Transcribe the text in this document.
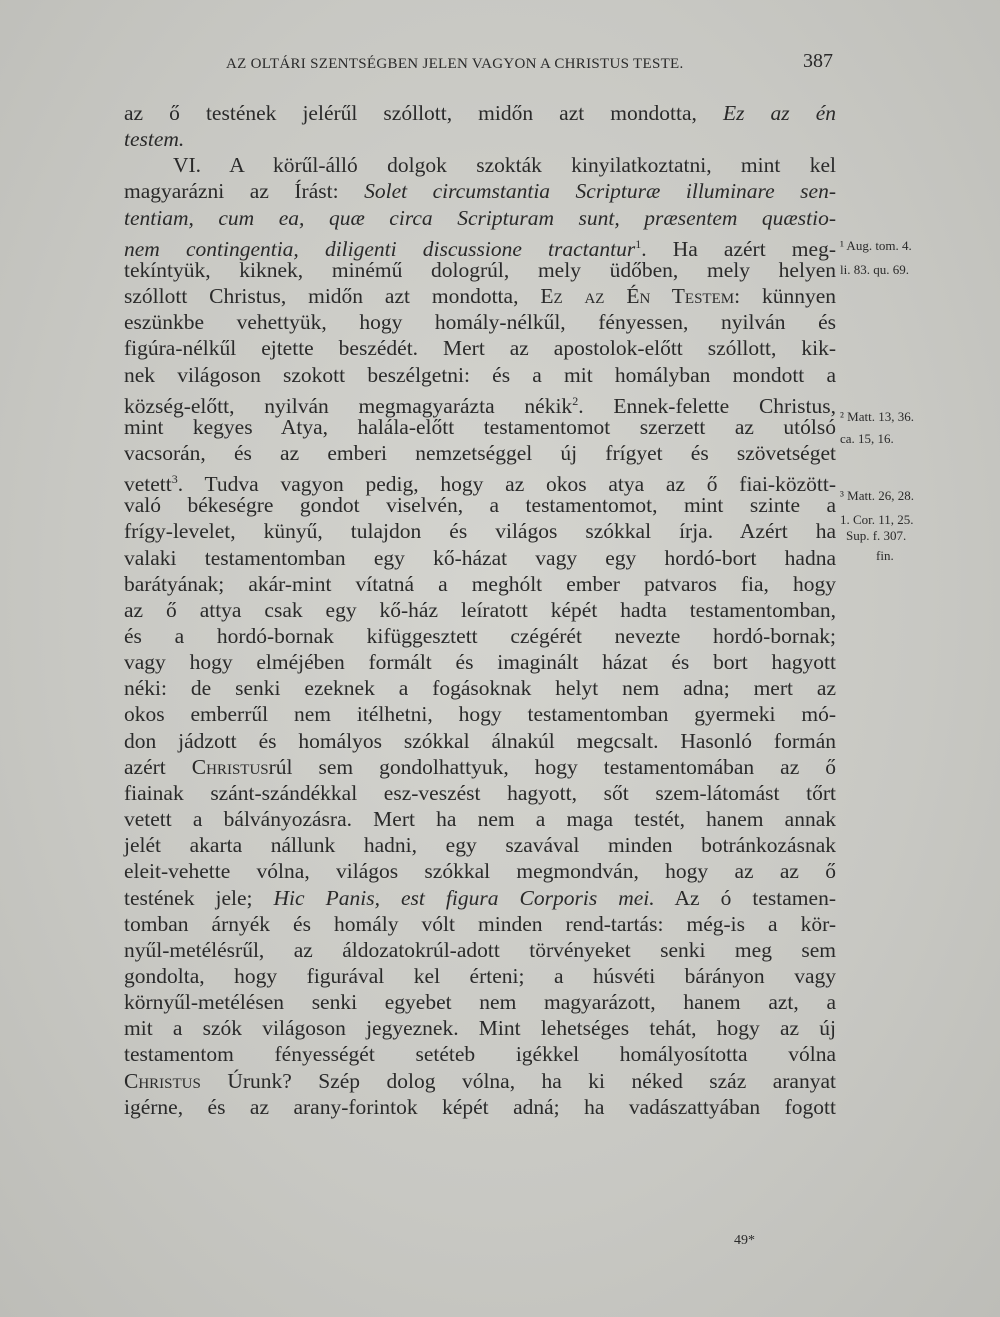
AZ OLTÁRI SZENTSÉGBEN JELEN VAGYON A CHRISTUS TESTE.	387
az ő testének jelérűl szóllott, midőn azt mondotta, Ez az én
testem.
VI. A körűl-álló dolgok szokták kinyilatkoztatni, mint kel
magyarázni az Írást: Solet circumstantia Scripturæ illuminare sen-
tentiam, cum ea, quæ circa Scripturam sunt, præsentem quæstio-
nem contingentia, diligenti discussione tractantur$^1$. Ha azért meg-
tekíntyük, kiknek, minémű dologrúl, mely üdőben, mely helyen
szóllott Christus, midőn azt mondotta, Ez az Én Testem: künnyen
eszünkbe vehettyük, hogy homály-nélkűl, fényessen, nyilván és
figúra-nélkűl ejtette beszédét. Mert az apostolok-előtt szóllott, kik-
nek világoson szokott beszélgetni: és a mit homályban mondott a
község-előtt, nyilván megmagyarázta nékik$^2$. Ennek-felette Christus,
mint kegyes Atya, halála-előtt testamentomot szerzett az utólsó
vacsorán, és az emberi nemzetséggel új frígyet és szövetséget
vetett$^3$. Tudva vagyon pedig, hogy az okos atya az ő fiai-között-
való békeségre gondot viselvén, a testamentomot, mint szinte a
frígy-levelet, künyű, tulajdon és világos szókkal írja. Azért ha
valaki testamentomban egy kő-házat vagy egy hordó-bort hadna
barátyának; akár-mint vítatná a meghólt ember patvaros fia, hogy
az ő attya csak egy kő-ház leíratott képét hadta testamentomban,
és a hordó-bornak kifüggesztett czégérét nevezte hordó-bornak;
vagy hogy elméjében formált és imaginált házat és bort hagyott
néki: de senki ezeknek a fogásoknak helyt nem adna; mert az
okos emberrűl nem itélhetni, hogy testamentomban gyermeki mó-
don jádzott és homályos szókkal álnakúl megcsalt. Hasonló formán
azért Christusrúl sem gondolhattyuk, hogy testamentomában az ő
fiainak szánt-szándékkal esz-veszést hagyott, sőt szem-látomást tőrt
vetett a bálványozásra. Mert ha nem a maga testét, hanem annak
jelét akarta nállunk hadni, egy szavával minden botránkozásnak
eleit-vehette vólna, világos szókkal megmondván, hogy az az ő
testének jele; Hic Panis, est figura Corporis mei. Az ó testamen-
tomban árnyék és homály vólt minden rend-tartás: még-is a kör-
nyűl-metélésrűl, az áldozatokrúl-adott törvényeket senki meg sem
gondolta, hogy figurával kel érteni; a húsvéti bárányon vagy
környűl-metélésen senki egyebet nem magyarázott, hanem azt, a
mit a szók világoson jegyeznek. Mint lehetséges tehát, hogy az új
testamentom fényességét setéteb igékkel homályosította vólna
Christus Úrunk? Szép dolog vólna, ha ki néked száz aranyat
igérne, és az arany-forintok képét adná; ha vadászattyában fogott
¹ Aug. tom. 4.
li. 83. qu. 69.
² Matt. 13, 36.
ca. 15, 16.
³ Matt. 26, 28.
1. Cor. 11, 25.
Sup. f. 307.
fin.
49*
